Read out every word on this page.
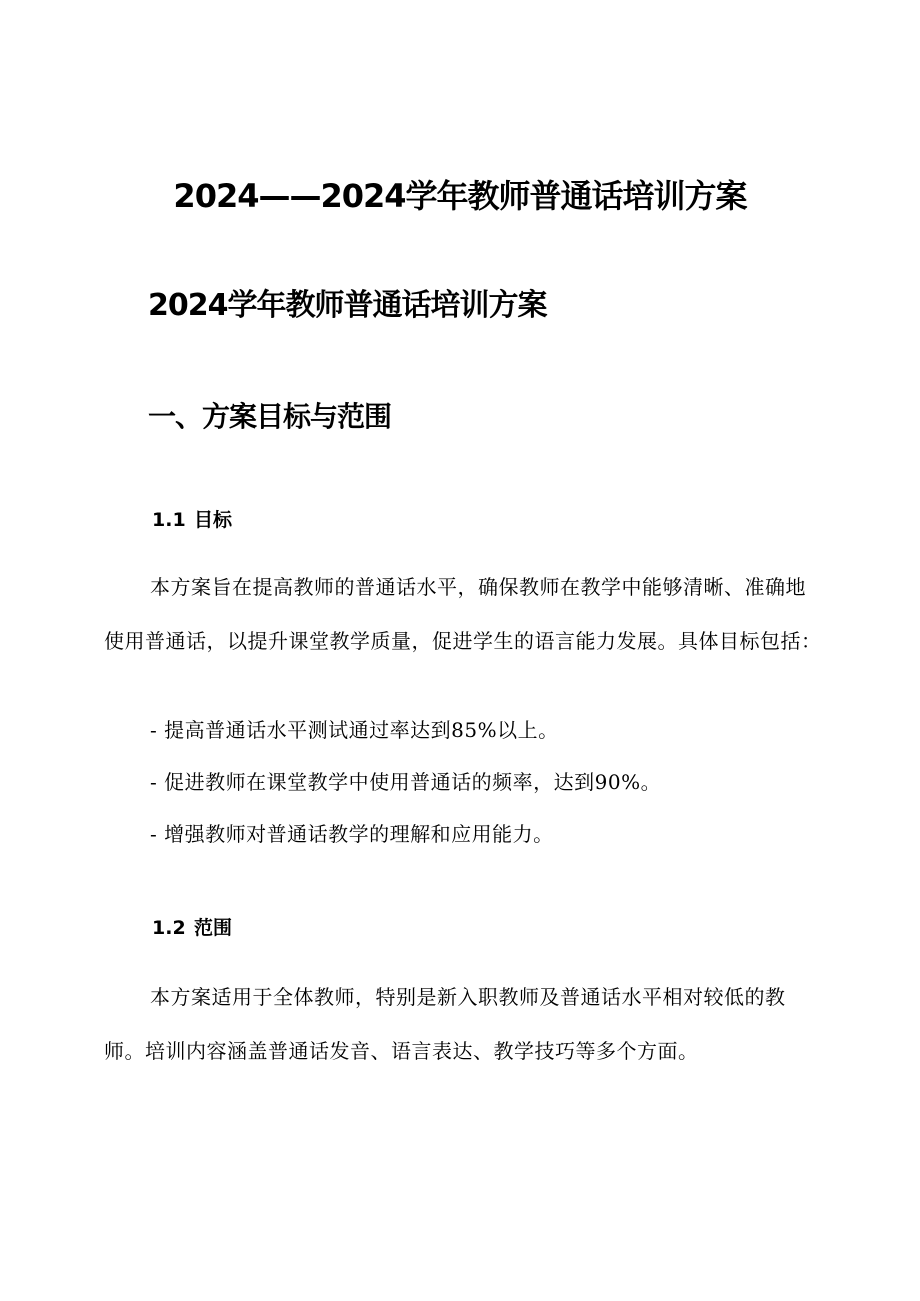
2024——2024学年教师普通话培训方案
2024学年教师普通话培训方案
一、方案目标与范围
1.1 目标

本方案旨在提高教师的普通话水平，确保教师在教学中能够清晰、准确地使用普通话，以提升课堂教学质量，促进学生的语言能力发展。具体目标包括：

- 提高普通话水平测试通过率达到85%以上。
- 促进教师在课堂教学中使用普通话的频率，达到90%。
- 增强教师对普通话教学的理解和应用能力。
1.2 范围

本方案适用于全体教师，特别是新入职教师及普通话水平相对较低的教师。培训内容涵盖普通话发音、语言表达、教学技巧等多个方面。
